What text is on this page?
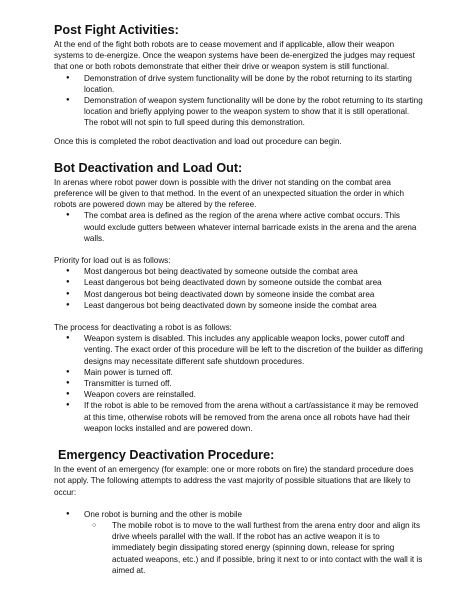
Post Fight Activities:

At the end of the fight both robots are to cease movement and if applicable, allow their weapon systems to de-energize. Once the weapon systems have been de-energized the judges may request that one or both robots demonstrate that either their drive or weapon system is still functional.

● Demonstration of drive system functionality will be done by the robot returning to its starting location.
● Demonstration of weapon system functionality will be done by the robot returning to its starting location and briefly applying power to the weapon system to show that it is still operational. The robot will not spin to full speed during this demonstration.

Once this is completed the robot deactivation and load out procedure can begin.

Bot Deactivation and Load Out:

In arenas where robot power down is possible with the driver not standing on the combat area preference will be given to that method. In the event of an unexpected situation the order in which robots are powered down may be altered by the referee.

● The combat area is defined as the region of the arena where active combat occurs. This would exclude gutters between whatever internal barricade exists in the arena and the arena walls.

Priority for load out is as follows:

● Most dangerous bot being deactivated by someone outside the combat area
● Least dangerous bot being deactivated down by someone outside the combat area
● Most dangerous bot being deactivated down by someone inside the combat area
● Least dangerous bot being deactivated down by someone inside the combat area

The process for deactivating a robot is as follows:

● Weapon system is disabled. This includes any applicable weapon locks, power cutoff and venting. The exact order of this procedure will be left to the discretion of the builder as differing designs may necessitate different safe shutdown procedures.
● Main power is turned off.
● Transmitter is turned off.
● Weapon covers are reinstalled.
● If the robot is able to be removed from the arena without a cart/assistance it may be removed at this time, otherwise robots will be removed from the arena once all robots have had their weapon locks installed and are powered down.
Emergency Deactivation Procedure:

In the event of an emergency (for example: one or more robots on fire) the standard procedure does not apply. The following attempts to address the vast majority of possible situations that are likely to occur:

● One robot is burning and the other is mobile
○ The mobile robot is to move to the wall furthest from the arena entry door and align its drive wheels parallel with the wall. If the robot has an active weapon it is to immediately begin dissipating stored energy (spinning down, release for spring actuated weapons, etc.) and if possible, bring it next to or into contact with the wall it is aimed at.
